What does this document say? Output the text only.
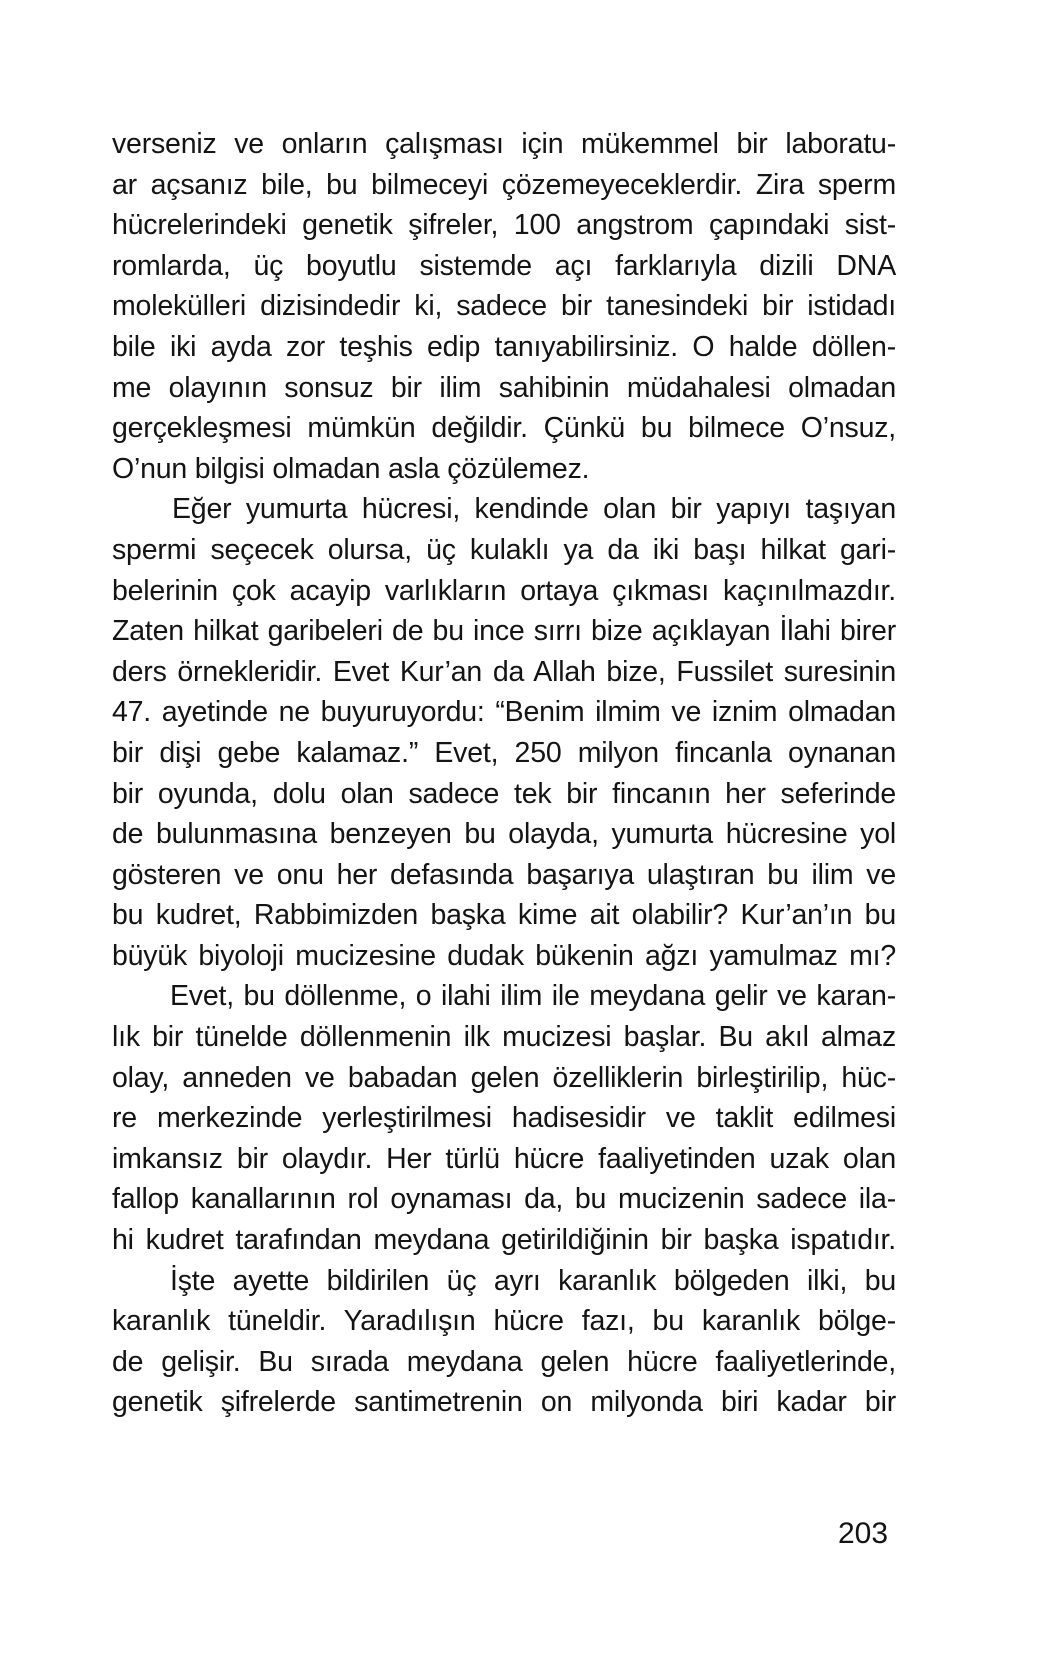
verseniz ve onların çalışması için mükemmel bir laboratu-
ar açsanız bile, bu bilmeceyi çözemeyeceklerdir. Zira sperm
hücrelerindeki genetik şifreler, 100 angstrom çapındaki sist-
romlarda, üç boyutlu sistemde açı farklarıyla dizili DNA
molekülleri dizisindedir ki, sadece bir tanesindeki bir istidadı
bile iki ayda zor teşhis edip tanıyabilirsiniz. O halde döllen-
me olayının sonsuz bir ilim sahibinin müdahalesi olmadan
gerçekleşmesi mümkün değildir. Çünkü bu bilmece O’nsuz,
O’nun bilgisi olmadan asla çözülemez.
Eğer yumurta hücresi, kendinde olan bir yapıyı taşıyan
spermi seçecek olursa, üç kulaklı ya da iki başı hilkat gari-
belerinin çok acayip varlıkların ortaya çıkması kaçınılmazdır.
Zaten hilkat garibeleri de bu ince sırrı bize açıklayan İlahi birer
ders örnekleridir. Evet Kur’an da Allah bize, Fussilet suresinin
47. ayetinde ne buyuruyordu: “Benim ilmim ve iznim olmadan
bir dişi gebe kalamaz.” Evet, 250 milyon fincanla oynanan
bir oyunda, dolu olan sadece tek bir fincanın her seferinde
de bulunmasına benzeyen bu olayda, yumurta hücresine yol
gösteren ve onu her defasında başarıya ulaştıran bu ilim ve
bu kudret, Rabbimizden başka kime ait olabilir? Kur’an’ın bu
büyük biyoloji mucizesine dudak bükenin ağzı yamulmaz mı?
Evet, bu döllenme, o ilahi ilim ile meydana gelir ve karan-
lık bir tünelde döllenmenin ilk mucizesi başlar. Bu akıl almaz
olay, anneden ve babadan gelen özelliklerin birleştirilip, hüc-
re merkezinde yerleştirilmesi hadisesidir ve taklit edilmesi
imkansız bir olaydır. Her türlü hücre faaliyetinden uzak olan
fallop kanallarının rol oynaması da, bu mucizenin sadece ila-
hi kudret tarafından meydana getirildiğinin bir başka ispatıdır.
İşte ayette bildirilen üç ayrı karanlık bölgeden ilki, bu
karanlık tüneldir. Yaradılışın hücre fazı, bu karanlık bölge-
de gelişir. Bu sırada meydana gelen hücre faaliyetlerinde,
genetik şifrelerde santimetrenin on milyonda biri kadar bir
203
